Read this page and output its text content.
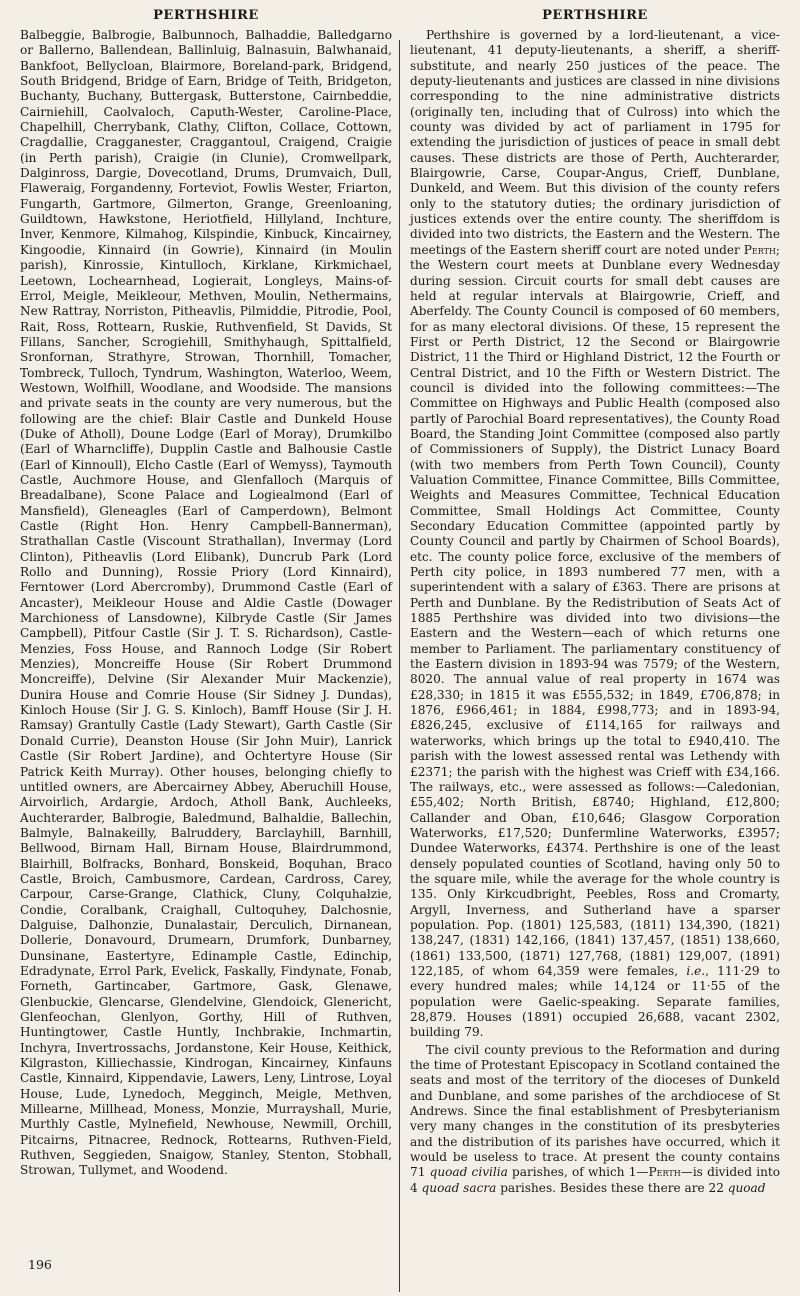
PERTHSHIRE

Balbeggie, Balbrogie, Balbunnoch, Balhaddie, Balledgarno or Ballerno, Ballendean, Ballinluig, Balnasuin, Balwhanaid, Bankfoot, Bellycloan, Blairmore, Boreland-park, Bridgend, South Bridgend, Bridge of Earn, Bridge of Teith, Bridgeton, Buchanty, Buchany, Buttergask, Butterstone, Cairnbeddie, Cairniehill, Caolvaloch, Caputh-Wester, Caroline-Place, Chapelhill, Cherrybank, Clathy, Clifton, Collace, Cottown, Cragdallie, Cragganester, Craggantoul, Craigend, Craigie (in Perth parish), Craigie (in Clunie), Cromwellpark, Dalginross, Dargie, Dovecotland, Drums, Drumvaich, Dull, Flaweraig, Forgandenny, Forteviot, Fowlis Wester, Friarton, Fungarth, Gartmore, Gilmerton, Grange, Greenloaning, Guildtown, Hawkstone, Heriotfield, Hillyland, Inchture, Inver, Kenmore, Kilmahog, Kilspindie, Kinbuck, Kincairney, Kingoodie, Kinnaird (in Gowrie), Kinnaird (in Moulin parish), Kinrossie, Kintulloch, Kirklane, Kirkmichael, Leetown, Lochearnhead, Logierait, Longleys, Mains-of-Errol, Meigle, Meikleour, Methven, Moulin, Nethermains, New Rattray, Norriston, Pitheavlis, Pilmiddie, Pitrodie, Pool, Rait, Ross, Rottearn, Ruskie, Ruthvenfield, St Davids, St Fillans, Sancher, Scrogiehill, Smithyhaugh, Spittalfield, Sronfornan, Strathyre, Strowan, Thornhill, Tomacher, Tombreck, Tulloch, Tyndrum, Washington, Waterloo, Weem, Westown, Wolfhill, Woodlane, and Woodside. The mansions and private seats in the county are very numerous, but the following are the chief: Blair Castle and Dunkeld House (Duke of Atholl), Doune Lodge (Earl of Moray), Drumkilbo (Earl of Wharncliffe), Dupplin Castle and Balhousie Castle (Earl of Kinnoull), Elcho Castle (Earl of Wemyss), Taymouth Castle, Auchmore House, and Glenfalloch (Marquis of Breadalbane), Scone Palace and Logiealmond (Earl of Mansfield), Gleneagles (Earl of Camperdown), Belmont Castle (Right Hon. Henry Campbell-Bannerman), Strathallan Castle (Viscount Strathallan), Invermay (Lord Clinton), Pitheavlis (Lord Elibank), Duncrub Park (Lord Rollo and Dunning), Rossie Priory (Lord Kinnaird), Ferntower (Lord Abercromby), Drummond Castle (Earl of Ancaster), Meikleour House and Aldie Castle (Dowager Marchioness of Lansdowne), Kilbryde Castle (Sir James Campbell), Pitfour Castle (Sir J. T. S. Richardson), Castle-Menzies, Foss House, and Rannoch Lodge (Sir Robert Menzies), Moncreiffe House (Sir Robert Drummond Moncreiffe), Delvine (Sir Alexander Muir Mackenzie), Dunira House and Comrie House (Sir Sidney J. Dundas), Kinloch House (Sir J. G. S. Kinloch), Bamff House (Sir J. H. Ramsay) Grantully Castle (Lady Stewart), Garth Castle (Sir Donald Currie), Deanston House (Sir John Muir), Lanrick Castle (Sir Robert Jardine), and Ochtertyre House (Sir Patrick Keith Murray). Other houses, belonging chiefly to untitled owners, are Abercairney Abbey, Aberuchill House, Airvoirlich, Ardargie, Ardoch, Atholl Bank, Auchleeks, Auchterarder, Balbrogie, Baledmund, Balhaldie, Ballechin, Balmyle, Balnakeilly, Balruddery, Barclayhill, Barnhill, Bellwood, Birnam Hall, Birnam House, Blairdrummond, Blairhill, Bolfracks, Bonhard, Bonskeid, Boquhan, Braco Castle, Broich, Cambusmore, Cardean, Cardross, Carey, Carpour, Carse-Grange, Clathick, Cluny, Colquhalzie, Condie, Coralbank, Craighall, Cultoquhey, Dalchosnie, Dalguise, Dalhonzie, Dunalastair, Derculich, Dirnanean, Dollerie, Donavourd, Drumearn, Drumfork, Dunbarney, Dunsinane, Eastertyre, Edinample Castle, Edinchip, Edradynate, Errol Park, Evelick, Faskally, Findynate, Fonab, Forneth, Gartincaber, Gartmore, Gask, Glenawe, Glenbuckie, Glencarse, Glendelvine, Glendoick, Glenericht, Glenfeochan, Glenlyon, Gorthy, Hill of Ruthven, Huntingtower, Castle Huntly, Inchbrakie, Inchmartin, Inchyra, Invertrossachs, Jordanstone, Keir House, Keithick, Kilgraston, Killiechassie, Kindrogan, Kincairney, Kinfauns Castle, Kinnaird, Kippendavie, Lawers, Leny, Lintrose, Loyal House, Lude, Lynedoch, Megginch, Meigle, Methven, Millearne, Millhead, Moness, Monzie, Murrayshall, Murie, Murthly Castle, Mylnefield, Newhouse, Newmill, Orchill, Pitcairns, Pitnacree, Rednock, Rottearns, Ruthven-Field, Ruthven, Seggieden, Snaigow, Stanley, Stenton, Stobhall, Strowan, Tullymet, and Woodend.

PERTHSHIRE

Perthshire is governed by a lord-lieutenant, a vice-lieutenant, 41 deputy-lieutenants, a sheriff, a sheriff-substitute, and nearly 250 justices of the peace. The deputy-lieutenants and justices are classed in nine divisions corresponding to the nine administrative districts (originally ten, including that of Culross) into which the county was divided by act of parliament in 1795 for extending the jurisdiction of justices of peace in small debt causes. These districts are those of Perth, Auchterarder, Blairgowrie, Carse, Coupar-Angus, Crieff, Dunblane, Dunkeld, and Weem. But this division of the county refers only to the statutory duties; the ordinary jurisdiction of justices extends over the entire county. The sheriffdom is divided into two districts, the Eastern and the Western. The meetings of the Eastern sheriff court are noted under Perth; the Western court meets at Dunblane every Wednesday during session. Circuit courts for small debt causes are held at regular intervals at Blairgowrie, Crieff, and Aberfeldy. The County Council is composed of 60 members, for as many electoral divisions. Of these, 15 represent the First or Perth District, 12 the Second or Blairgowrie District, 11 the Third or Highland District, 12 the Fourth or Central District, and 10 the Fifth or Western District. The council is divided into the following committees:—The Committee on Highways and Public Health (composed also partly of Parochial Board representatives), the County Road Board, the Standing Joint Committee (composed also partly of Commissioners of Supply), the District Lunacy Board (with two members from Perth Town Council), County Valuation Committee, Finance Committee, Bills Committee, Weights and Measures Committee, Technical Education Committee, Small Holdings Act Committee, County Secondary Education Committee (appointed partly by County Council and partly by Chairmen of School Boards), etc. The county police force, exclusive of the members of Perth city police, in 1893 numbered 77 men, with a superintendent with a salary of £363. There are prisons at Perth and Dunblane. By the Redistribution of Seats Act of 1885 Perthshire was divided into two divisions—the Eastern and the Western—each of which returns one member to Parliament. The parliamentary constituency of the Eastern division in 1893-94 was 7579; of the Western, 8020. The annual value of real property in 1674 was £28,330; in 1815 it was £555,532; in 1849, £706,878; in 1876, £966,461; in 1884, £998,773; and in 1893-94, £826,245, exclusive of £114,165 for railways and waterworks, which brings up the total to £940,410. The parish with the lowest assessed rental was Lethendy with £2371; the parish with the highest was Crieff with £34,166. The railways, etc., were assessed as follows:—Caledonian, £55,402; North British, £8740; Highland, £12,800; Callander and Oban, £10,646; Glasgow Corporation Waterworks, £17,520; Dunfermline Waterworks, £3957; Dundee Waterworks, £4374. Perthshire is one of the least densely populated counties of Scotland, having only 50 to the square mile, while the average for the whole country is 135. Only Kirkcudbright, Peebles, Ross and Cromarty, Argyll, Inverness, and Sutherland have a sparser population. Pop. (1801) 125,583, (1811) 134,390, (1821) 138,247, (1831) 142,166, (1841) 137,457, (1851) 138,660, (1861) 133,500, (1871) 127,768, (1881) 129,007, (1891) 122,185, of whom 64,359 were females, i.e., 111·29 to every hundred males; while 14,124 or 11·55 of the population were Gaelic-speaking. Separate families, 28,879. Houses (1891) occupied 26,688, vacant 2302, building 79.

The civil county previous to the Reformation and during the time of Protestant Episcopacy in Scotland contained the seats and most of the territory of the dioceses of Dunkeld and Dunblane, and some parishes of the archdiocese of St Andrews. Since the final establishment of Presbyterianism very many changes in the constitution of its presbyteries and the distribution of its parishes have occurred, which it would be useless to trace. At present the county contains 71 quoad civilia parishes, of which 1—Perth—is divided into 4 quoad sacra parishes. Besides these there are 22 quoad

196
